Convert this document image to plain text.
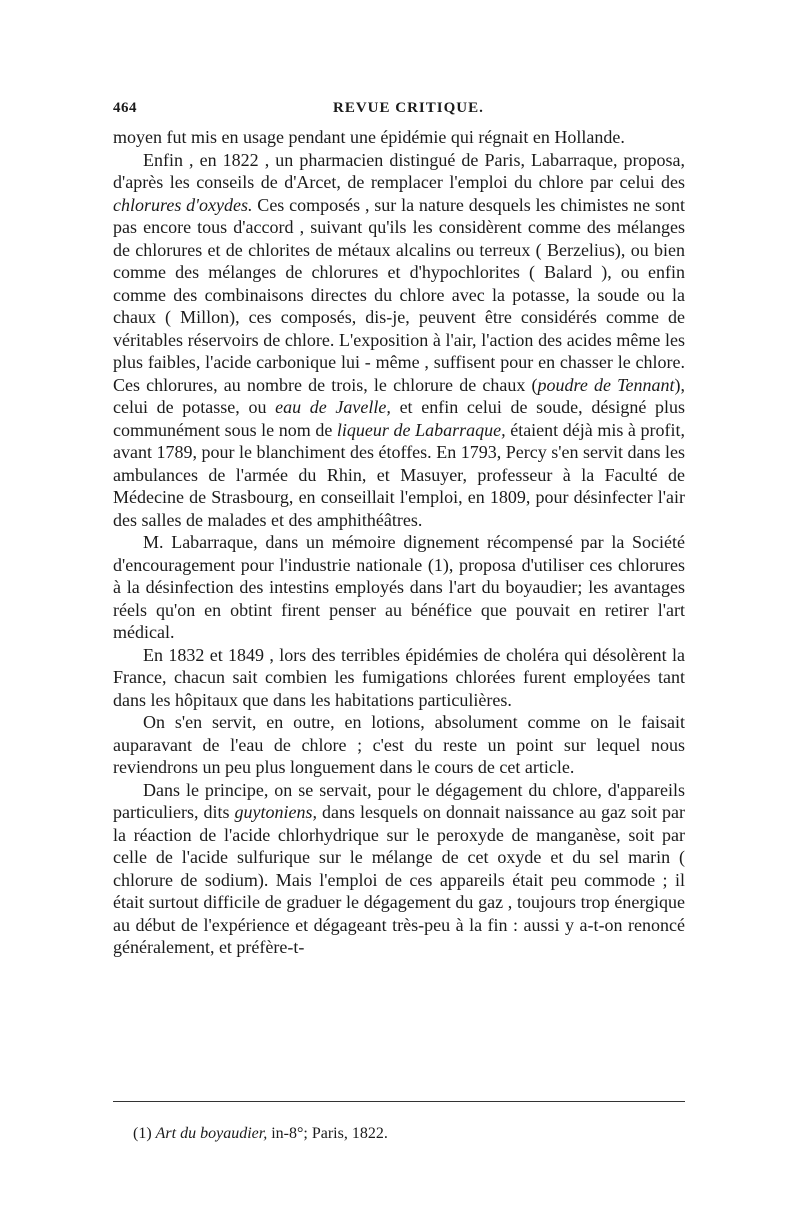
464	REVUE CRITIQUE.

moyen fut mis en usage pendant une épidémie qui régnait en Hollande.

Enfin , en 1822 , un pharmacien distingué de Paris, Labarraque, proposa, d'après les conseils de d'Arcet, de remplacer l'emploi du chlore par celui des chlorures d'oxydes. Ces composés , sur la nature desquels les chimistes ne sont pas encore tous d'accord , suivant qu'ils les considèrent comme des mélanges de chlorures et de chlorites de métaux alcalins ou terreux ( Berzelius), ou bien comme des mélanges de chlorures et d'hypochlorites ( Balard ), ou enfin comme des combinaisons directes du chlore avec la potasse, la soude ou la chaux ( Millon), ces composés, dis-je, peuvent être considérés comme de véritables réservoirs de chlore. L'exposition à l'air, l'action des acides même les plus faibles, l'acide carbonique lui - même , suffisent pour en chasser le chlore. Ces chlorures, au nombre de trois, le chlorure de chaux (poudre de Tennant), celui de potasse, ou eau de Javelle, et enfin celui de soude, désigné plus communément sous le nom de liqueur de Labarraque, étaient déjà mis à profit, avant 1789, pour le blanchiment des étoffes. En 1793, Percy s'en servit dans les ambulances de l'armée du Rhin, et Masuyer, professeur à la Faculté de Médecine de Strasbourg, en conseillait l'emploi, en 1809, pour désinfecter l'air des salles de malades et des amphithéâtres.

M. Labarraque, dans un mémoire dignement récompensé par la Société d'encouragement pour l'industrie nationale (1), proposa d'utiliser ces chlorures à la désinfection des intestins employés dans l'art du boyaudier; les avantages réels qu'on en obtint firent penser au bénéfice que pouvait en retirer l'art médical.

En 1832 et 1849 , lors des terribles épidémies de choléra qui désolèrent la France, chacun sait combien les fumigations chlorées furent employées tant dans les hôpitaux que dans les habitations particulières.

On s'en servit, en outre, en lotions, absolument comme on le faisait auparavant de l'eau de chlore ; c'est du reste un point sur lequel nous reviendrons un peu plus longuement dans le cours de cet article.

Dans le principe, on se servait, pour le dégagement du chlore, d'appareils particuliers, dits guytoniens, dans lesquels on donnait naissance au gaz soit par la réaction de l'acide chlorhydrique sur le peroxyde de manganèse, soit par celle de l'acide sulfurique sur le mélange de cet oxyde et du sel marin ( chlorure de sodium). Mais l'emploi de ces appareils était peu commode ; il était surtout difficile de graduer le dégagement du gaz , toujours trop énergique au début de l'expérience et dégageant très-peu à la fin : aussi y a-t-on renoncé généralement, et préfère-t-

(1) Art du boyaudier, in-8°; Paris, 1822.
